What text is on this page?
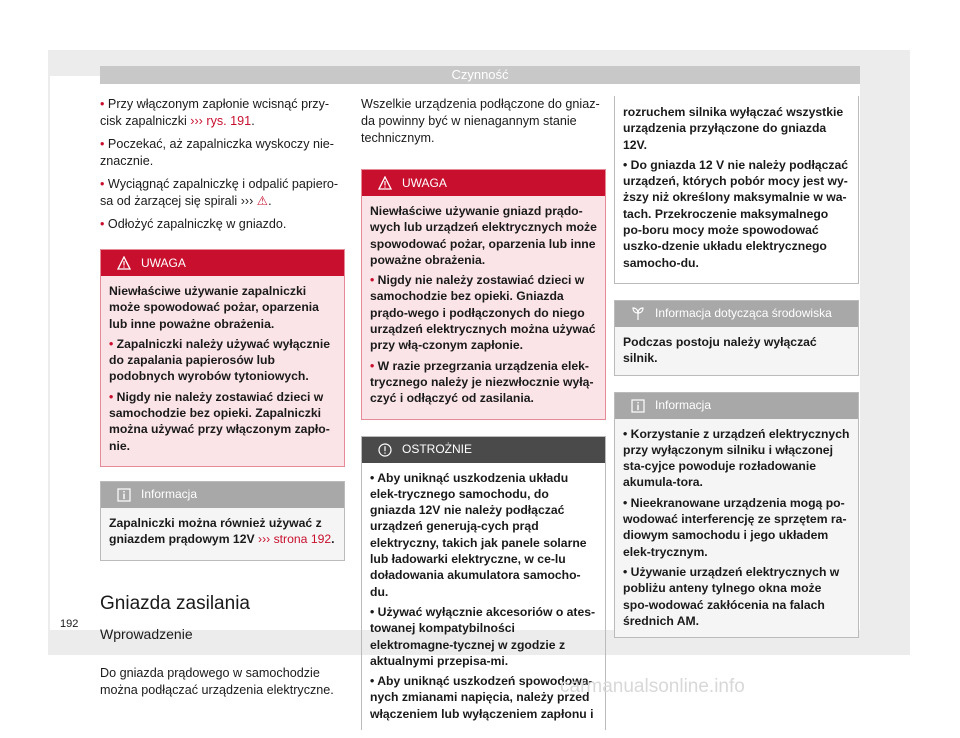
Czynność

• Przy włączonym zapłonie wcisnąć przy-cisk zapalniczki ››› rys. 191.

• Poczekać, aż zapalniczka wyskoczy nie-znacznie.

• Wyciągnąć zapalniczkę i odpalić papiero-sa od żarzącej się spirali ››› ⚠.

• Odłożyć zapalniczkę w gniazdo.

UWAGA

Niewłaściwe używanie zapalniczki może spowodować pożar, oparzenia lub inne poważne obrażenia.

• Zapalniczki należy używać wyłącznie do zapalania papierosów lub podobnych wyrobów tytoniowych.

• Nigdy nie należy zostawiać dzieci w samochodzie bez opieki. Zapalniczki można używać przy włączonym zapło-nie.

Informacja

Zapalniczki można również używać z gniazdem prądowym 12V ››› strona 192.

Gniazda zasilania
Wprowadzenie

Do gniazda prądowego w samochodzie można podłączać urządzenia elektryczne.

Wszelkie urządzenia podłączone do gniaz-da powinny być w nienagannym stanie technicznym.

UWAGA

Niewłaściwe używanie gniazd prądo-wych lub urządzeń elektrycznych może spowodować pożar, oparzenia lub inne poważne obrażenia.

• Nigdy nie należy zostawiać dzieci w samochodzie bez opieki. Gniazda prądo-wego i podłączonych do niego urządzeń elektrycznych można używać przy włą-czonym zapłonie.

• W razie przegrzania urządzenia elek-trycznego należy je niezwłocznie wyłą-czyć i odłączyć od zasilania.

OSTROŻNIE

• Aby uniknąć uszkodzenia układu elek-trycznego samochodu, do gniazda 12V nie należy podłączać urządzeń generują-cych prąd elektryczny, takich jak panele solarne lub ładowarki elektryczne, w ce-lu doładowania akumulatora samocho-du.

• Używać wyłącznie akcesoriów o ates-towanej kompatybilności elektromagne-tycznej w zgodzie z aktualnymi przepisa-mi.

• Aby uniknąć uszkodzeń spowodowa-nych zmianami napięcia, należy przed włączeniem lub wyłączeniem zapłonu i

rozruchem silnika wyłączać wszystkie urządzenia przyłączone do gniazda 12V.

• Do gniazda 12 V nie należy podłączać urządzeń, których pobór mocy jest wy-ższy niż określony maksymalnie w wa-tach. Przekroczenie maksymalnego po-boru mocy może spowodować uszko-dzenie układu elektrycznego samocho-du.

Informacja dotycząca środowiska

Podczas postoju należy wyłączać silnik.

Informacja

• Korzystanie z urządzeń elektrycznych przy wyłączonym silniku i włączonej sta-cyjce powoduje rozładowanie akumula-tora.

• Nieekranowane urządzenia mogą po-wodować interferencję ze sprzętem ra-diowym samochodu i jego układem elek-trycznym.

• Używanie urządzeń elektrycznych w pobliżu anteny tylnego okna może spo-wodować zakłócenia na falach średnich AM.

192
carmanualsonline.info
